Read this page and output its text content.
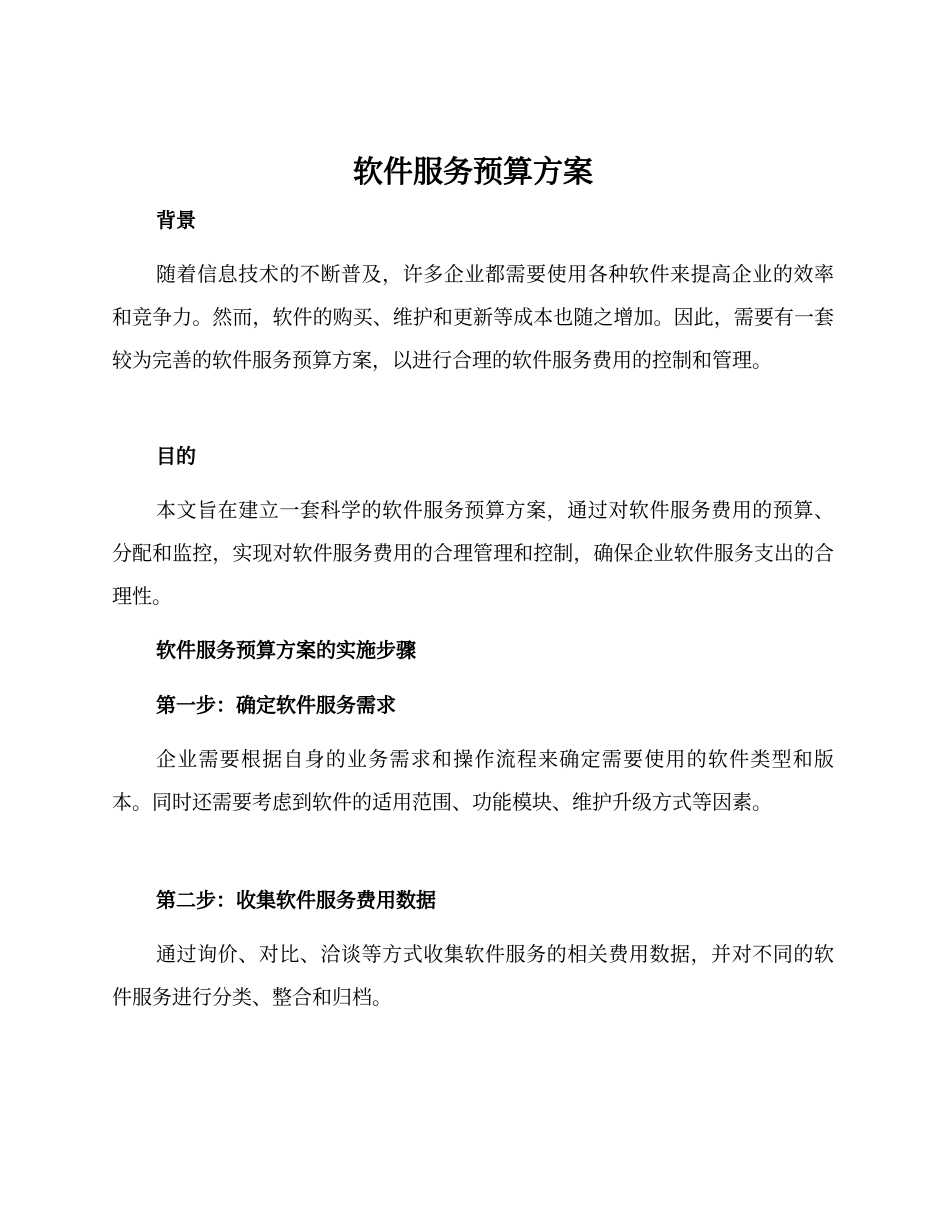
软件服务预算方案
背景

随着信息技术的不断普及，许多企业都需要使用各种软件来提高企业的效率和竞争力。然而，软件的购买、维护和更新等成本也随之增加。因此，需要有一套较为完善的软件服务预算方案，以进行合理的软件服务费用的控制和管理。

目的

本文旨在建立一套科学的软件服务预算方案，通过对软件服务费用的预算、分配和监控，实现对软件服务费用的合理管理和控制，确保企业软件服务支出的合理性。

软件服务预算方案的实施步骤
第一步：确定软件服务需求

企业需要根据自身的业务需求和操作流程来确定需要使用的软件类型和版本。同时还需要考虑到软件的适用范围、功能模块、维护升级方式等因素。

第二步：收集软件服务费用数据

通过询价、对比、洽谈等方式收集软件服务的相关费用数据，并对不同的软件服务进行分类、整合和归档。
